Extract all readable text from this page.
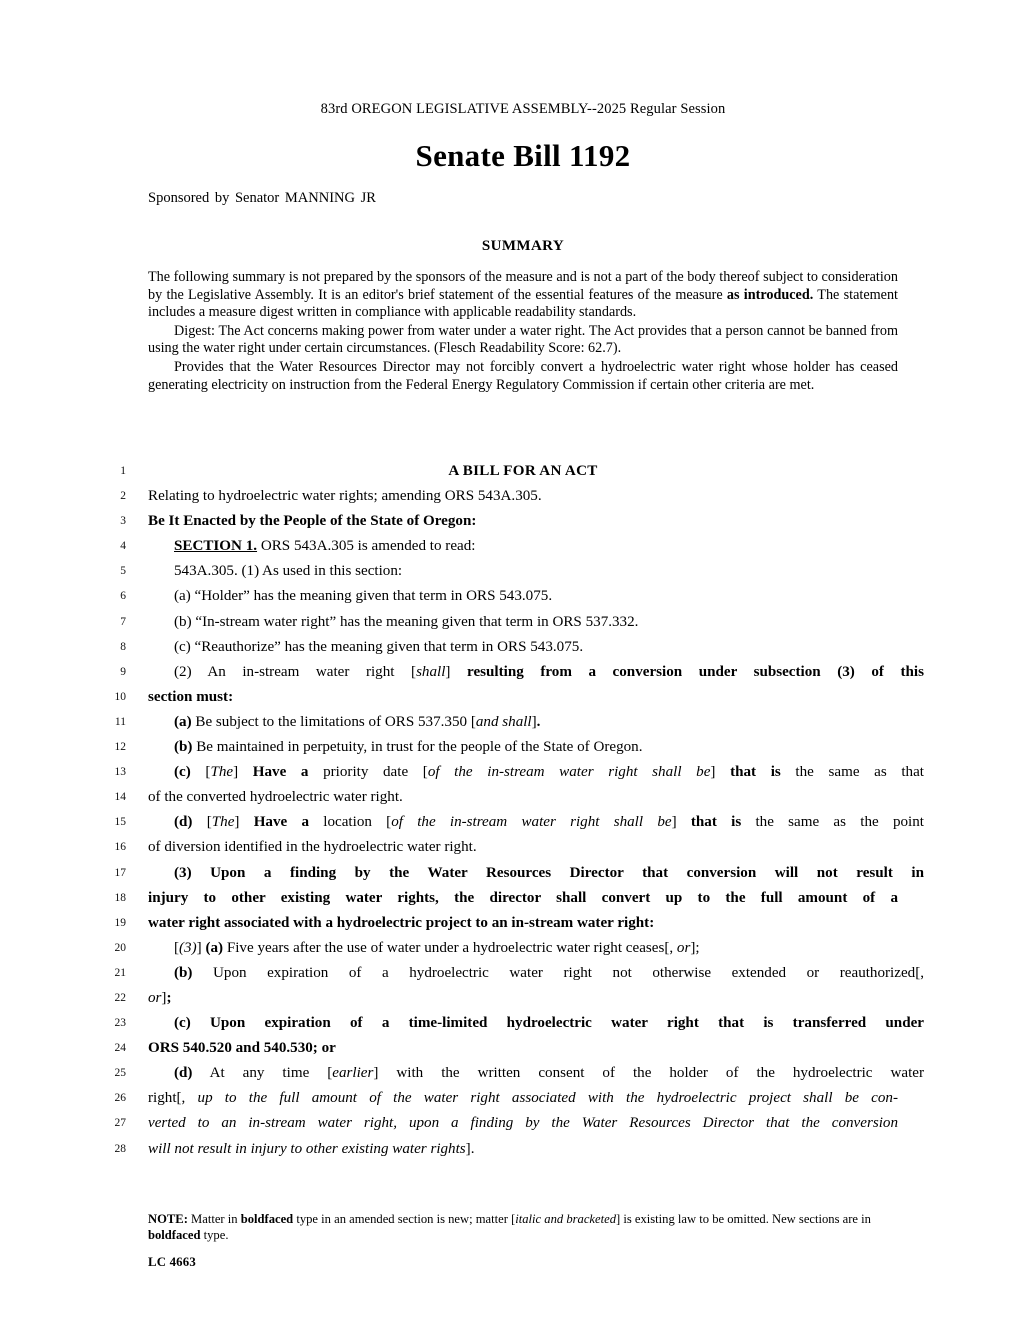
83rd OREGON LEGISLATIVE ASSEMBLY--2025 Regular Session
Senate Bill 1192
Sponsored by Senator MANNING JR
SUMMARY

The following summary is not prepared by the sponsors of the measure and is not a part of the body thereof subject to consideration by the Legislative Assembly. It is an editor's brief statement of the essential features of the measure as introduced. The statement includes a measure digest written in compliance with applicable readability standards.

Digest: The Act concerns making power from water under a water right. The Act provides that a person cannot be banned from using the water right under certain circumstances. (Flesch Readability Score: 62.7).

Provides that the Water Resources Director may not forcibly convert a hydroelectric water right whose holder has ceased generating electricity on instruction from the Federal Energy Regulatory Commission if certain other criteria are met.

1	A BILL FOR AN ACT
2 Relating to hydroelectric water rights; amending ORS 543A.305.
3 Be It Enacted by the People of the State of Oregon:
4	SECTION 1. ORS 543A.305 is amended to read:
5	543A.305. (1) As used in this section:
6	(a) “Holder” has the meaning given that term in ORS 543.075.
7	(b) “In-stream water right” has the meaning given that term in ORS 537.332.
8	(c) “Reauthorize” has the meaning given that term in ORS 543.075.
9	(2) An in-stream water right [shall] resulting from a conversion under subsection (3) of this
10 section must:
11	(a) Be subject to the limitations of ORS 537.350 [and shall].
12	(b) Be maintained in perpetuity, in trust for the people of the State of Oregon.
13	(c) [The] Have a priority date [of the in-stream water right shall be] that is the same as that
14 of the converted hydroelectric water right.
15	(d) [The] Have a location [of the in-stream water right shall be] that is the same as the point
16 of diversion identified in the hydroelectric water right.
17	(3) Upon a finding by the Water Resources Director that conversion will not result in
18 injury to other existing water rights, the director shall convert up to the full amount of a
19 water right associated with a hydroelectric project to an in-stream water right:
20	[(3)] (a) Five years after the use of water under a hydroelectric water right ceases[, or];
21	(b) Upon expiration of a hydroelectric water right not otherwise extended or reauthorized[,
22 or];
23	(c) Upon expiration of a time-limited hydroelectric water right that is transferred under
24 ORS 540.520 and 540.530; or
25	(d) At any time [earlier] with the written consent of the holder of the hydroelectric water
26 right[, up to the full amount of the water right associated with the hydroelectric project shall be con-
27 verted to an in-stream water right, upon a finding by the Water Resources Director that the conversion
28 will not result in injury to other existing water rights].
NOTE: Matter in boldfaced type in an amended section is new; matter [italic and bracketed] is existing law to be omitted. New sections are in boldfaced type.
LC 4663
